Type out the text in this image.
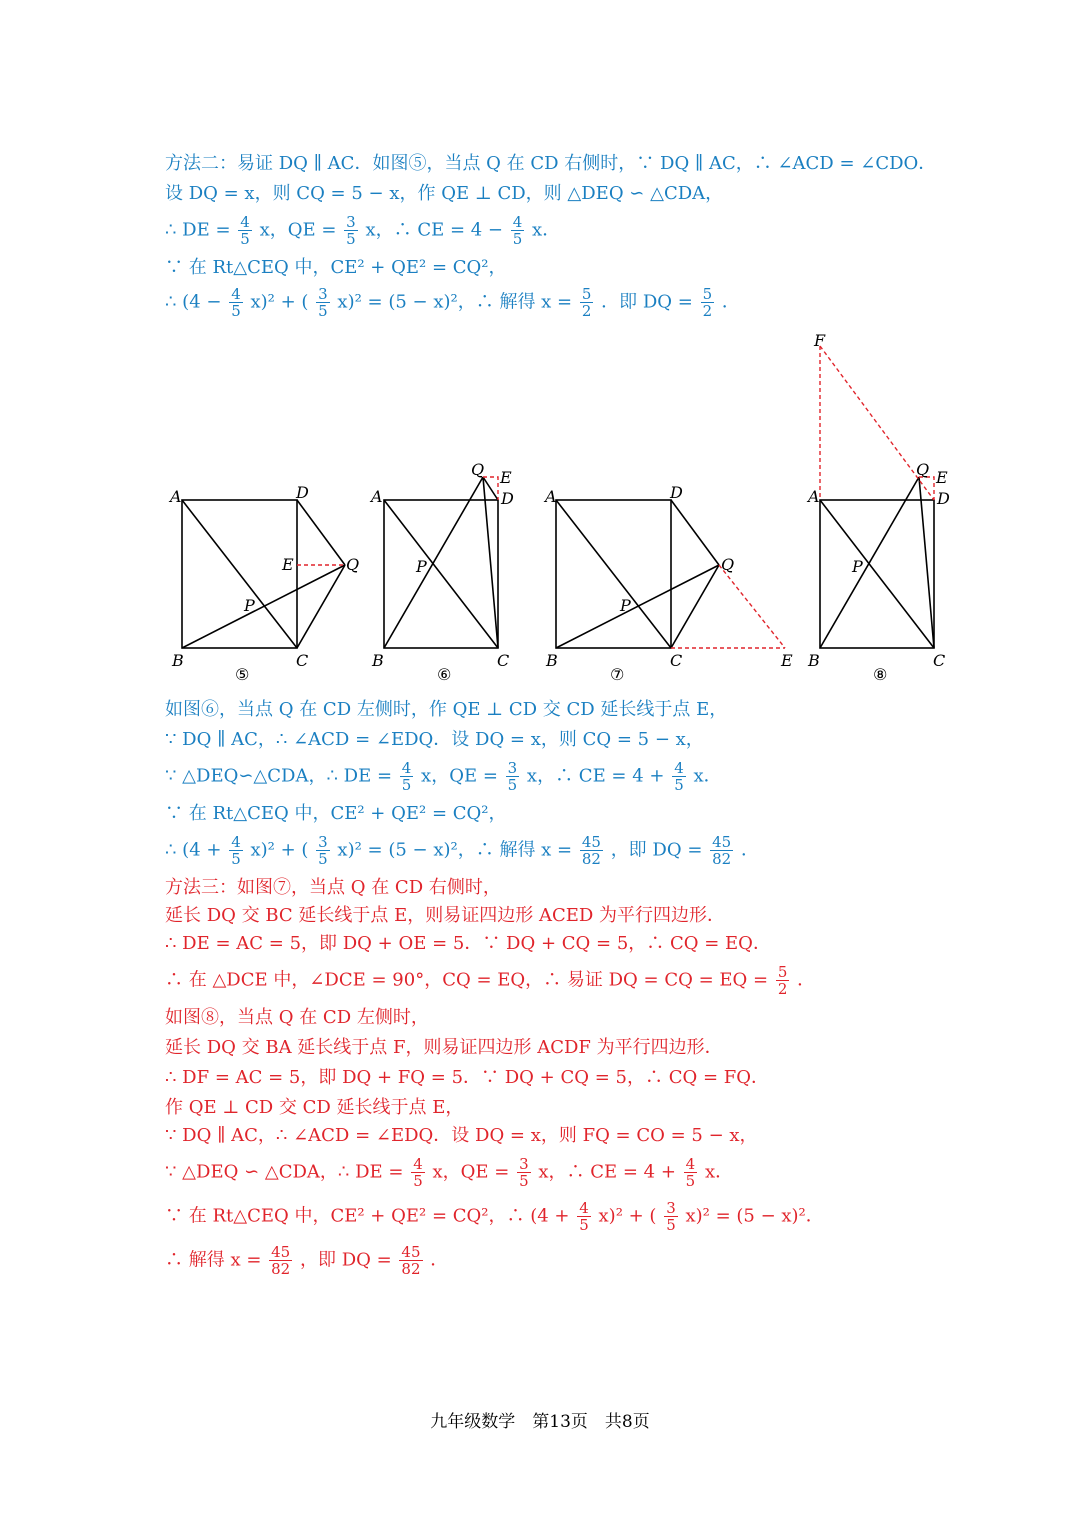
方法二：易证 DQ ∥ AC．如图⑤，当点 Q 在 CD 右侧时，∵ DQ ∥ AC，∴ ∠ACD = ∠CDO．
设 DQ = x，则 CQ = 5 − x，作 QE ⊥ CD，则 △DEQ ∽ △CDA，
∴ DE = $\frac{4}{5}$ x，QE = $\frac{3}{5}$ x，∴ CE = $4 - \frac{4}{5}$ x．
∵ 在 Rt△CEQ 中，CE² + QE² = CQ²，
∴ $(4 - \frac{4}{5} x)^2$ + ( $\frac{3}{5} x)^2 = (5 - x)^2$，∴ 解得 $x = \frac{5}{2}$ ．即 DQ = $\frac{5}{2}$ ．
A	D
E	Q
P
B	C
⑤
A
Q E
D
P
B	C
⑥
A	D
Q
P
B	C	E
⑦
F
A
Q E
D
P
B	C
⑧
如图⑥，当点 Q 在 CD 左侧时，作 QE ⊥ CD 交 CD 延长线于点 E，
∵ DQ ∥ AC，∴ ∠ACD = ∠EDQ．设 DQ = x，则 CQ = 5 − x，
∵ △DEQ∽△CDA，∴ DE = $\frac{4}{5}$ x，QE = $\frac{3}{5}$ x，∴ CE = $4 + \frac{4}{5}$ x．
∵ 在 Rt△CEQ 中，CE² + QE² = CQ²，
∴ $(4 + \frac{4}{5} x)^2$ + ( $\frac{3}{5} x)^2 = (5 - x)^2$，∴ 解得 $x = \frac{45}{82}$ ，即 DQ = $\frac{45}{82}$ ．
方法三：如图⑦，当点 Q 在 CD 右侧时，
延长 DQ 交 BC 延长线于点 E，则易证四边形 ACED 为平行四边形．
∴ DE = AC = 5，即 DQ + OE = 5．∵ DQ + CQ = 5，∴ CQ = EQ．
∴ 在 △DCE 中，∠DCE = 90°，CQ = EQ，∴ 易证 DQ = CQ = EQ = $\frac{5}{2}$ ．
如图⑧，当点 Q 在 CD 左侧时，
延长 DQ 交 BA 延长线于点 F，则易证四边形 ACDF 为平行四边形．
∴ DF = AC = 5，即 DQ + FQ = 5．∵ DQ + CQ = 5，∴ CQ = FQ．
作 QE ⊥ CD 交 CD 延长线于点 E，
∵ DQ ∥ AC，∴ ∠ACD = ∠EDQ．设 DQ = x，则 FQ = CO = 5 − x，
∵ △DEQ ∽ △CDA，∴ DE = $\frac{4}{5}$ x，QE = $\frac{3}{5}$ x，∴ CE = $4 + \frac{4}{5}$ x．
∵ 在 Rt△CEQ 中，CE² + QE² = CQ²，∴ $(4 + \frac{4}{5} x)^2$ + ( $\frac{3}{5} x)^2 = (5 - x)^2$．
∴ 解得 $x = \frac{45}{82}$ ，即 DQ = $\frac{45}{82}$ ．
九年级数学　第13页　共8页
